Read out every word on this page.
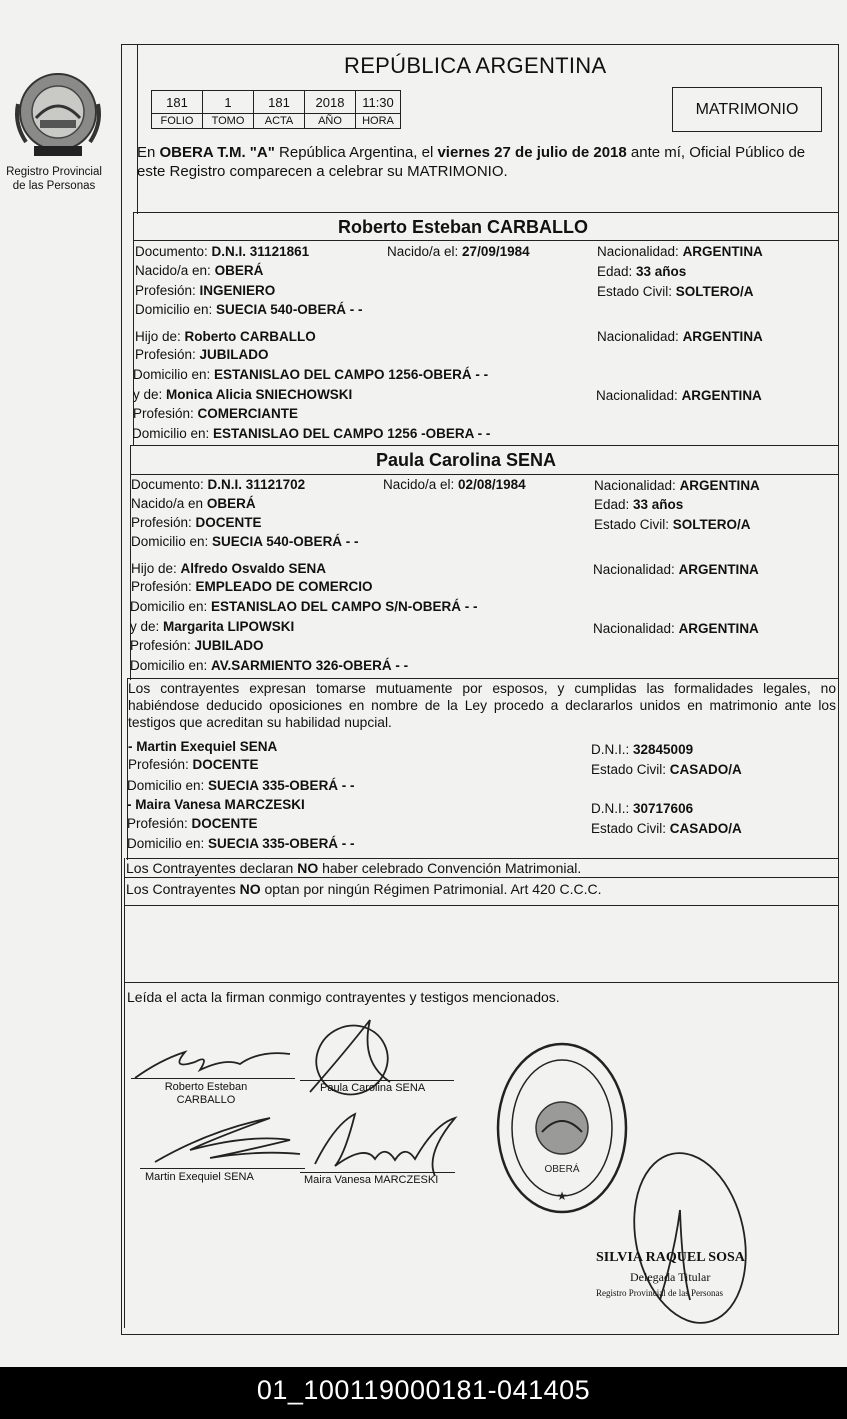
Registro Provincial
de las Personas
REPÚBLICA ARGENTINA
181	1	181	2018	11:30
FOLIO	TOMO	ACTA	AÑO	HORA
MATRIMONIO
En OBERA T.M. "A" República Argentina, el viernes 27 de julio de 2018 ante mí, Oficial Público de este Registro comparecen a celebrar su MATRIMONIO.
Roberto Esteban CARBALLO
Documento: D.N.I. 31121861	Nacido/a el: 27/09/1984	Nacionalidad: ARGENTINA
Nacido/a en: OBERÁ	Edad: 33 años
Profesión: INGENIERO	Estado Civil: SOLTERO/A
Domicilio en: SUECIA 540-OBERÁ - -
Hijo de: Roberto CARBALLO	Nacionalidad: ARGENTINA
Profesión: JUBILADO
Domicilio en: ESTANISLAO DEL CAMPO 1256-OBERÁ - -
y de: Monica Alicia SNIECHOWSKI	Nacionalidad: ARGENTINA
Profesión: COMERCIANTE
Domicilio en: ESTANISLAO DEL CAMPO 1256 -OBERA - -
Paula Carolina SENA
Documento: D.N.I. 31121702	Nacido/a el: 02/08/1984	Nacionalidad: ARGENTINA
Nacido/a en OBERÁ	Edad: 33 años
Profesión: DOCENTE	Estado Civil: SOLTERO/A
Domicilio en: SUECIA 540-OBERÁ - -
Hijo de: Alfredo Osvaldo SENA	Nacionalidad: ARGENTINA
Profesión: EMPLEADO DE COMERCIO
Domicilio en: ESTANISLAO DEL CAMPO S/N-OBERÁ - -
y de: Margarita LIPOWSKI	Nacionalidad: ARGENTINA
Profesión: JUBILADO
Domicilio en: AV.SARMIENTO 326-OBERÁ - -
Los contrayentes expresan tomarse mutuamente por esposos, y cumplidas las formalidades legales, no habiéndose deducido oposiciones en nombre de la Ley procedo a declararlos unidos en matrimonio ante los testigos que acreditan su habilidad nupcial.
- Martin Exequiel SENA	D.N.I.: 32845009
Profesión: DOCENTE	Estado Civil: CASADO/A
Domicilio en: SUECIA 335-OBERÁ - -
- Maira Vanesa MARCZESKI	D.N.I.: 30717606
Profesión: DOCENTE	Estado Civil: CASADO/A
Domicilio en: SUECIA 335-OBERÁ - -
Los Contrayentes declaran NO haber celebrado Convención Matrimonial.
Los Contrayentes NO optan por ningún Régimen Patrimonial. Art 420 C.C.C.
Leída el acta la firman conmigo contrayentes y testigos mencionados.
Roberto Esteban
CARBALLO
Paula Carolina SENA
Martin Exequiel SENA	Maira Vanesa MARCZESKI
OBERÁ
★
SILVIA RAQUEL SOSA
Delegada Titular
Registro Provincial de las Personas
01_100119000181-041405
